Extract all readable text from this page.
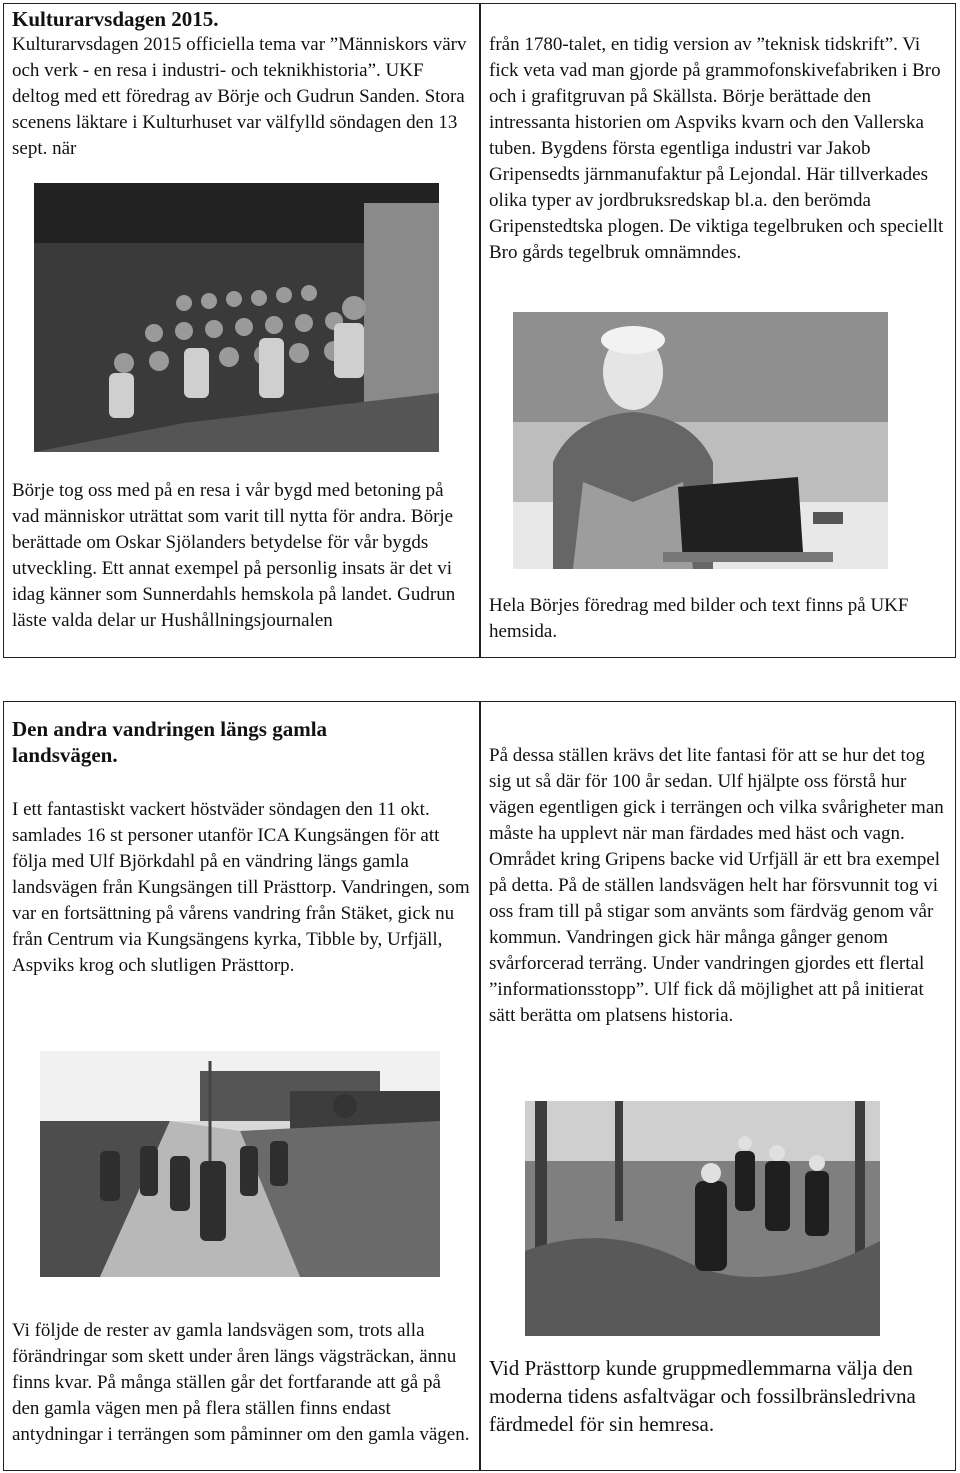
Kulturarvsdagen 2015.

Kulturarvsdagen 2015 officiella tema var ”Människors värv och verk - en resa i industri- och teknikhistoria”. UKF deltog med ett föredrag av Börje och Gudrun Sanden. Stora scenens läktare i Kulturhuset var välfylld söndagen den 13 sept. när

från 1780-talet, en tidig version av ”teknisk tidskrift”. Vi fick veta vad man gjorde på grammofonskivefabriken i Bro och i grafitgruvan på Skällsta. Börje berättade den intressanta historien om Aspviks kvarn och den Vallerska tuben. Bygdens första egentliga industri var Jakob Gripensedts järnmanufaktur på Lejondal. Här tillverkades olika typer av jordbruksredskap bl.a. den berömda Gripenstedtska plogen. De viktiga tegelbruken och speciellt Bro gårds tegelbruk omnämndes.

Börje tog oss med på en resa i vår bygd med betoning på vad människor uträttat som varit till nytta för andra. Börje berättade om Oskar Sjölanders betydelse för vår bygds utveckling. Ett annat exempel på personlig insats är det vi idag känner som Sunnerdahls hemskola på landet. Gudrun läste valda delar ur Hushållningsjournalen

Hela Börjes föredrag med bilder och text finns på UKF hemsida.

Den andra vandringen längs gamla landsvägen.

I ett fantastiskt vackert höstväder söndagen den 11 okt. samlades 16 st personer utanför ICA Kungsängen för att följa med Ulf Björkdahl på en vändring längs gamla landsvägen från Kungsängen till Prästtorp. Vandringen, som var en fortsättning på vårens vandring från Stäket, gick nu från Centrum via Kungsängens kyrka, Tibble by, Urfjäll, Aspviks krog och slutligen Prästtorp.

På dessa ställen krävs det lite fantasi för att se hur det tog sig ut så där för 100 år sedan. Ulf hjälpte oss förstå hur vägen egentligen gick i terrängen och vilka svårigheter man måste ha upplevt när man färdades med häst och vagn. Området kring Gripens backe vid Urfjäll är ett bra exempel på detta. På de ställen landsvägen helt har försvunnit tog vi oss fram till på stigar som använts som färdväg genom vår kommun. Vandringen gick här många gånger genom svårforcerad terräng. Under vandringen gjordes ett flertal ”informationsstopp”. Ulf fick då möjlighet att på initierat sätt berätta om platsens historia.

Vi följde de rester av gamla landsvägen som, trots alla förändringar som skett under åren längs vägsträckan, ännu finns kvar. På många ställen går det fortfarande att gå på den gamla vägen men på flera ställen finns endast antydningar i terrängen som påminner om den gamla vägen.

Vid Prästtorp kunde gruppmedlemmarna välja den moderna tidens asfaltvägar och fossilbränsledrivna färdmedel för sin hemresa.
